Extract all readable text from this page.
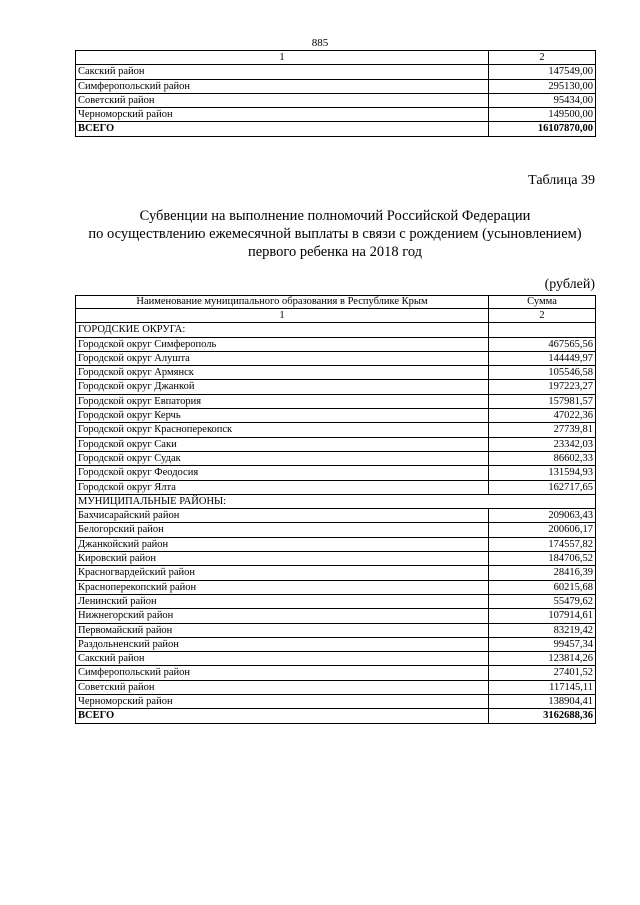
885
1	2
Сакский район	147549,00
Симферопольский район	295130,00
Советский район	95434,00
Черноморский район	149500,00
ВСЕГО	16107870,00
Таблица 39
Субвенции на выполнение полномочий Российской Федерации
по осуществлению ежемесячной выплаты в связи с рождением (усыновлением)
первого ребенка на 2018 год
(рублей)
Наименование муниципального образования в Республике Крым	Сумма
1	2
ГОРОДСКИЕ ОКРУГА:	
Городской округ Симферополь	467565,56
Городской округ Алушта	144449,97
Городской округ Армянск	105546,58
Городской округ Джанкой	197223,27
Городской округ Евпатория	157981,57
Городской округ Керчь	47022,36
Городской округ Красноперекопск	27739,81
Городской округ Саки	23342,03
Городской округ Судак	86602,33
Городской округ Феодосия	131594,93
Городской округ Ялта	162717,65
МУНИЦИПАЛЬНЫЕ РАЙОНЫ:	
Бахчисарайский район	209063,43
Белогорский район	200606,17
Джанкойский район	174557,82
Кировский район	184706,52
Красногвардейский район	28416,39
Красноперекопский район	60215,68
Ленинский район	55479,62
Нижнегорский район	107914,61
Первомайский район	83219,42
Раздольненский район	99457,34
Сакский район	123814,26
Симферопольский район	27401,52
Советский район	117145,11
Черноморский район	138904,41
ВСЕГО	3162688,36
